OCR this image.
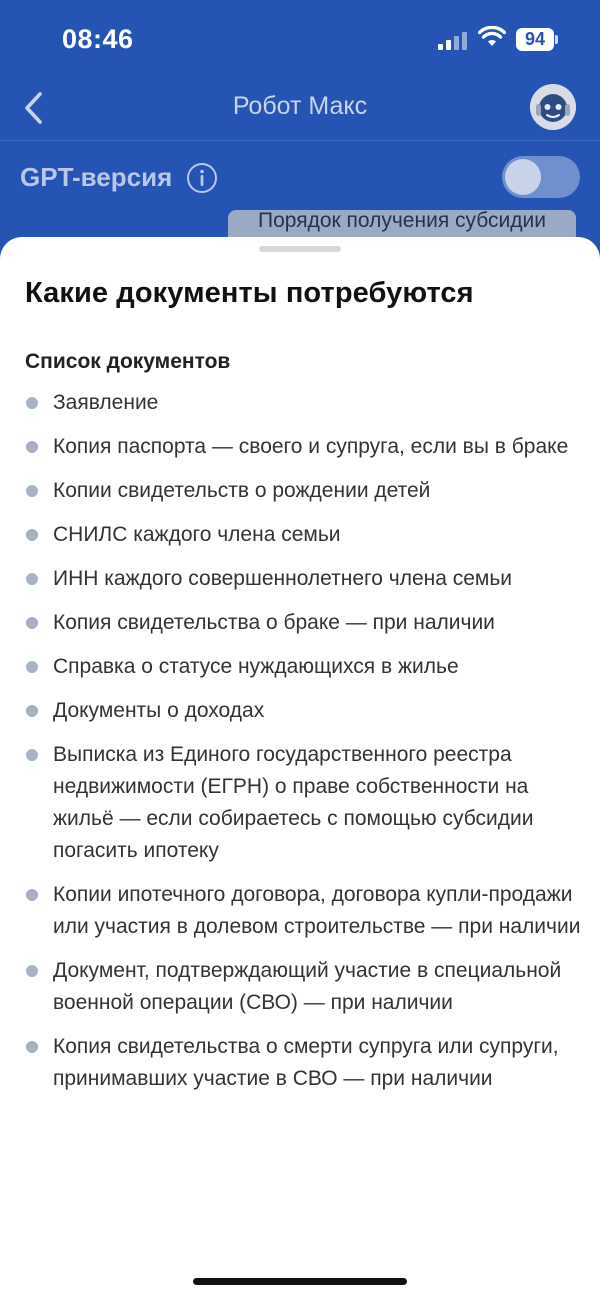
08:46	94
Робот Макс
GPT-версия
Порядок получения субсидии
Какие документы потребуются
Список документов
Заявление
Копия паспорта — своего и супруга, если вы в браке
Копии свидетельств о рождении детей
СНИЛС каждого члена семьи
ИНН каждого совершеннолетнего члена семьи
Копия свидетельства о браке — при наличии
Справка о статусе нуждающихся в жилье
Документы о доходах
Выписка из Единого государственного реестра недвижимости (ЕГРН) о праве собственности на жильё — если собираетесь с помощью субсидии погасить ипотеку
Копии ипотечного договора, договора купли-продажи или участия в долевом строительстве — при наличии
Документ, подтверждающий участие в специальной военной операции (СВО) — при наличии
Копия свидетельства о смерти супруга или супруги, принимавших участие в СВО — при наличии
